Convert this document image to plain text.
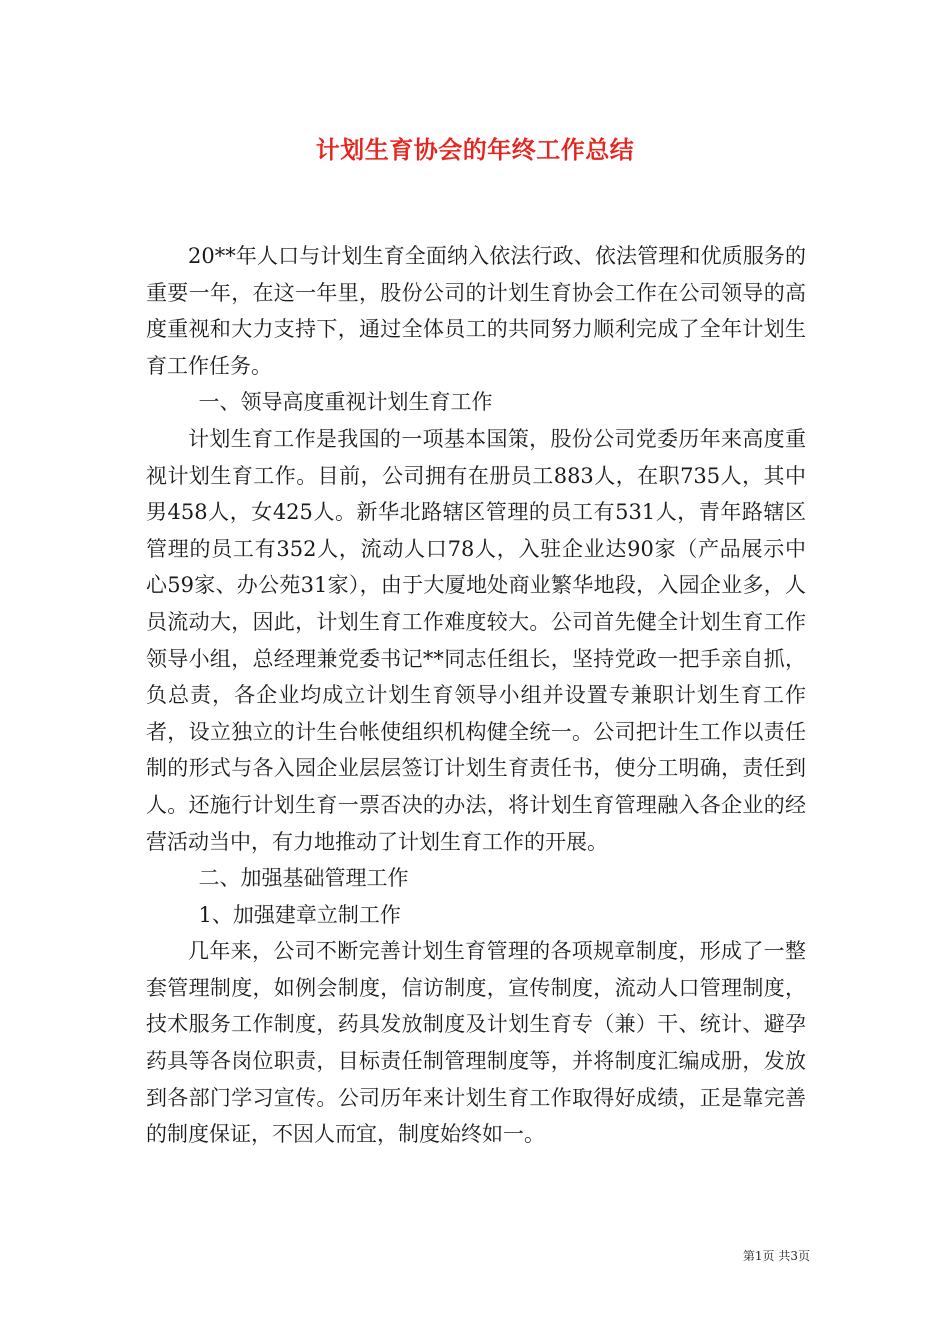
计划生育协会的年终工作总结

20**年人口与计划生育全面纳入依法行政、依法管理和优质服务的重要一年，在这一年里，股份公司的计划生育协会工作在公司领导的高度重视和大力支持下，通过全体员工的共同努力顺利完成了全年计划生育工作任务。

一、领导高度重视计划生育工作

计划生育工作是我国的一项基本国策，股份公司党委历年来高度重视计划生育工作。目前，公司拥有在册员工883人，在职735人，其中男458人，女425人。新华北路辖区管理的员工有531人，青年路辖区管理的员工有352人，流动人口78人，入驻企业达90家（产品展示中心59家、办公苑31家），由于大厦地处商业繁华地段，入园企业多，人员流动大，因此，计划生育工作难度较大。公司首先健全计划生育工作领导小组，总经理兼党委书记**同志任组长，坚持党政一把手亲自抓，负总责，各企业均成立计划生育领导小组并设置专兼职计划生育工作者，设立独立的计生台帐使组织机构健全统一。公司把计生工作以责任制的形式与各入园企业层层签订计划生育责任书，使分工明确，责任到人。还施行计划生育一票否决的办法，将计划生育管理融入各企业的经营活动当中，有力地推动了计划生育工作的开展。

二、加强基础管理工作

1、加强建章立制工作

几年来，公司不断完善计划生育管理的各项规章制度，形成了一整套管理制度，如例会制度，信访制度，宣传制度，流动人口管理制度，技术服务工作制度，药具发放制度及计划生育专（兼）干、统计、避孕药具等各岗位职责，目标责任制管理制度等，并将制度汇编成册，发放到各部门学习宣传。公司历年来计划生育工作取得好成绩，正是靠完善的制度保证，不因人而宜，制度始终如一。

第1页 共3页
